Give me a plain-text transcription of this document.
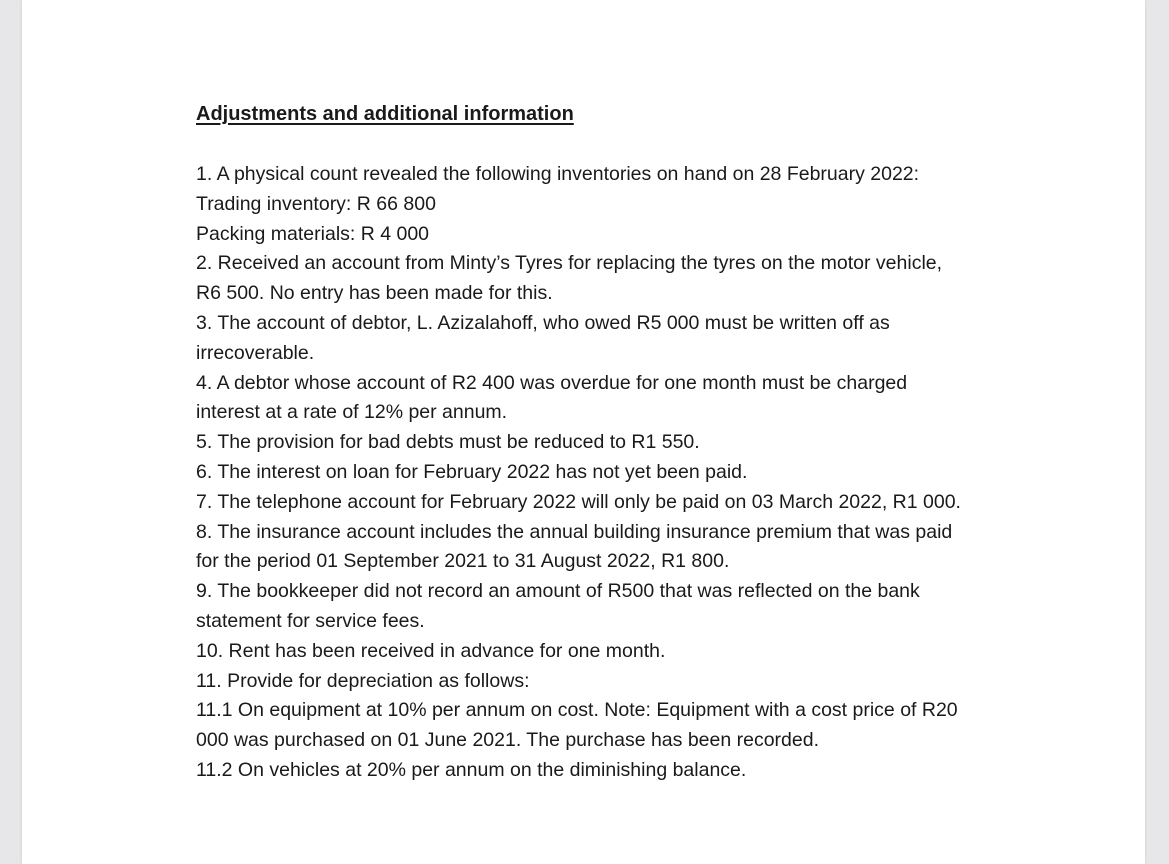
Adjustments and additional information
1. A physical count revealed the following inventories on hand on 28 February 2022:
Trading inventory: R 66 800
Packing materials: R 4 000
2. Received an account from Minty’s Tyres for replacing the tyres on the motor vehicle,
R6 500. No entry has been made for this.
3. The account of debtor, L. Azizalahoff, who owed R5 000 must be written off as
irrecoverable.
4. A debtor whose account of R2 400 was overdue for one month must be charged
interest at a rate of 12% per annum.
5. The provision for bad debts must be reduced to R1 550.
6. The interest on loan for February 2022 has not yet been paid.
7. The telephone account for February 2022 will only be paid on 03 March 2022, R1 000.
8. The insurance account includes the annual building insurance premium that was paid
for the period 01 September 2021 to 31 August 2022, R1 800.
9. The bookkeeper did not record an amount of R500 that was reflected on the bank
statement for service fees.
10. Rent has been received in advance for one month.
11. Provide for depreciation as follows:
11.1 On equipment at 10% per annum on cost. Note: Equipment with a cost price of R20
000 was purchased on 01 June 2021. The purchase has been recorded.
11.2 On vehicles at 20% per annum on the diminishing balance.
